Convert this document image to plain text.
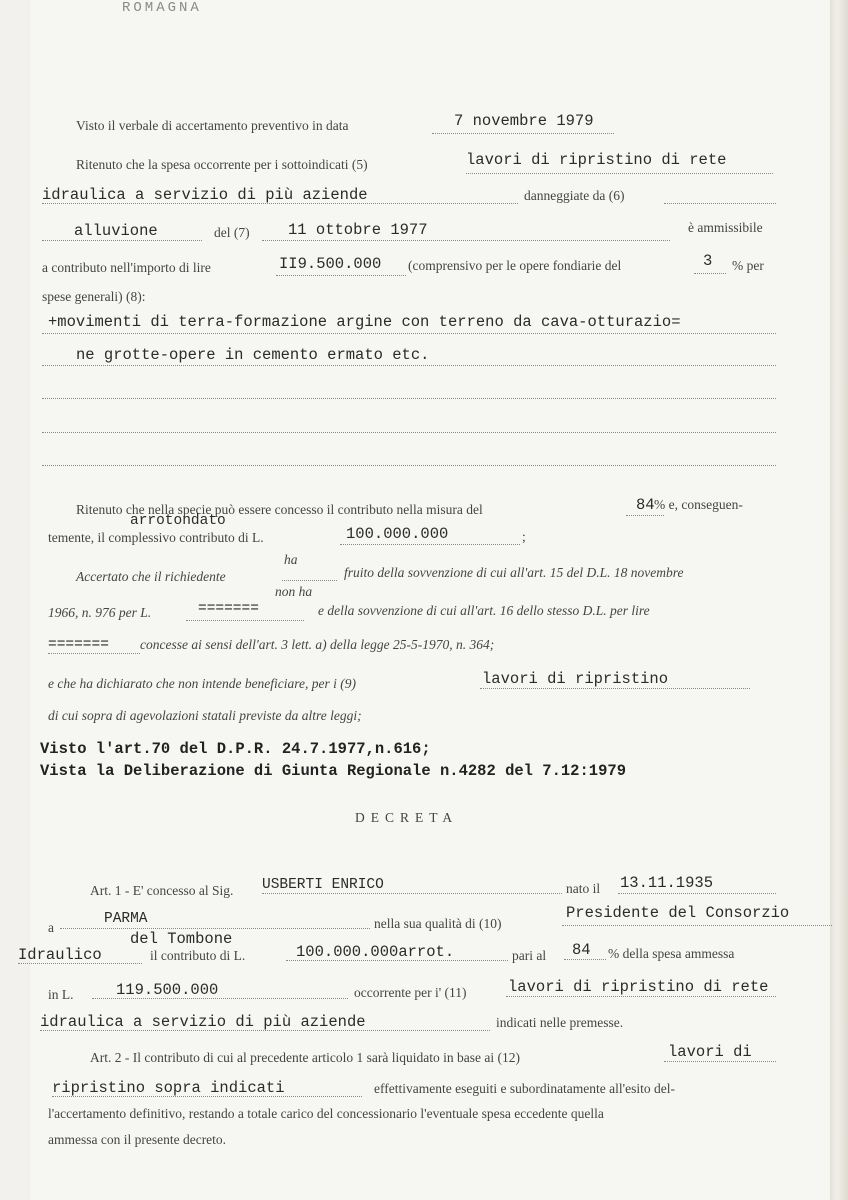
ROMAGNA
Visto il verbale di accertamento preventivo in data	7 novembre 1979
Ritenuto che la spesa occorrente per i sottoindicati (5)	lavori di ripristino di rete
idraulica a servizio di più aziende	danneggiate da (6)
alluvione	del (7) 11 ottobre 1977	è ammissibile
a contributo nell'importo di lire	II9.500.000 (comprensivo per le opere fondiarie del	3 % per
spese generali) (8):
+movimenti di terra-formazione argine con terreno da cava-otturazio=
ne grotte-opere in cemento ermato etc.
Ritenuto che nella specie può essere concesso il contributo nella misura del	84 % e, conseguen-
arrotondato
temente, il complessivo contributo di L.	100.000.000	;
ha
Accertato che il richiedente
non ha
fruito della sovvenzione di cui all'art. 15 del D.L. 18 novembre
1966, n. 976 per L.	=======	e della sovvenzione di cui all'art. 16 dello stesso D.L. per lire
======= concesse ai sensi dell'art. 3 lett. a) della legge 25-5-1970, n. 364;
e che ha dichiarato che non intende beneficiare, per i (9)	lavori di ripristino
di cui sopra di agevolazioni statali previste da altre leggi;
Visto l'art.70 del D.P.R. 24.7.1977,n.616;
Vista la Deliberazione di Giunta Regionale n.4282 del 7.12:1979
DECRETA
Art. 1 - E' concesso al Sig. USBERTI ENRICO	nato il 13.11.1935
a
PARMA	nella sua qualità di (10)
Presidente del Consorzio
del Tombone
Idraulico	il contributo di L.	100.000.000arrot.	pari al 84 % della spesa ammessa
in L.	119.500.000	occorrente per i' (11)	lavori di ripristino di rete
idraulica a servizio di più aziende	indicati nelle premesse.
Art. 2 - Il contributo di cui al precedente articolo 1 sarà liquidato in base ai (12)	lavori di
ripristino sopra indicati	effettivamente eseguiti e subordinatamente all'esito del-
l'accertamento definitivo, restando a totale carico del concessionario l'eventuale spesa eccedente quella
ammessa con il presente decreto.
